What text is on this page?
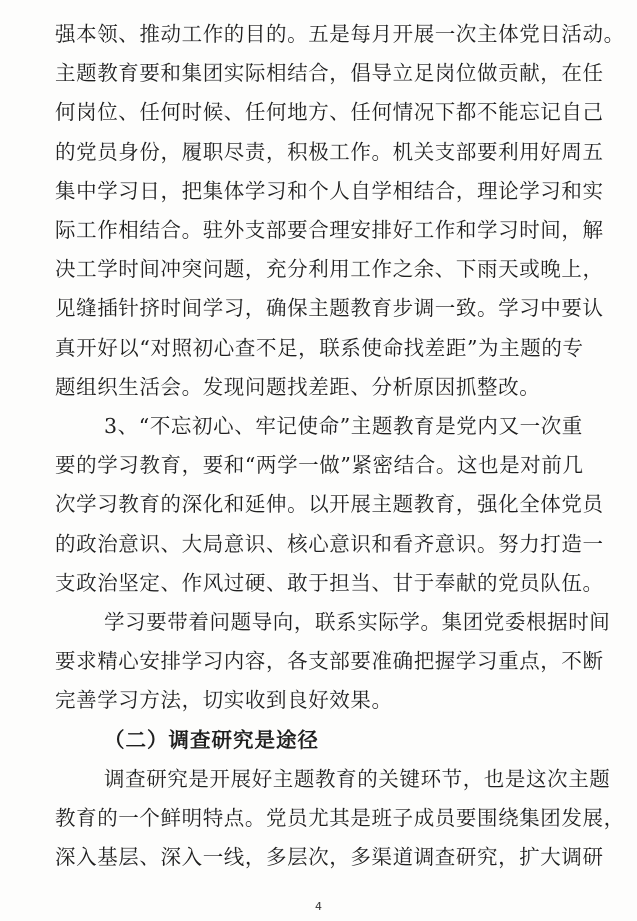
强本领、推动工作的目的。五是每月开展一次主体党日活动。
主题教育要和集团实际相结合，倡导立足岗位做贡献，在任
何岗位、任何时候、任何地方、任何情况下都不能忘记自己
的党员身份，履职尽责，积极工作。机关支部要利用好周五
集中学习日，把集体学习和个人自学相结合，理论学习和实
际工作相结合。驻外支部要合理安排好工作和学习时间，解
决工学时间冲突问题，充分利用工作之余、下雨天或晚上，
见缝插针挤时间学习，确保主题教育步调一致。学习中要认
真开好以“对照初心查不足，联系使命找差距”为主题的专
题组织生活会。发现问题找差距、分析原因抓整改。
3、“不忘初心、牢记使命”主题教育是党内又一次重
要的学习教育，要和“两学一做”紧密结合。这也是对前几
次学习教育的深化和延伸。以开展主题教育，强化全体党员
的政治意识、大局意识、核心意识和看齐意识。努力打造一
支政治坚定、作风过硬、敢于担当、甘于奉献的党员队伍。
学习要带着问题导向，联系实际学。集团党委根据时间
要求精心安排学习内容，各支部要准确把握学习重点，不断
完善学习方法，切实收到良好效果。
（二）调查研究是途径
调查研究是开展好主题教育的关键环节，也是这次主题
教育的一个鲜明特点。党员尤其是班子成员要围绕集团发展，
深入基层、深入一线，多层次，多渠道调查研究，扩大调研
4
